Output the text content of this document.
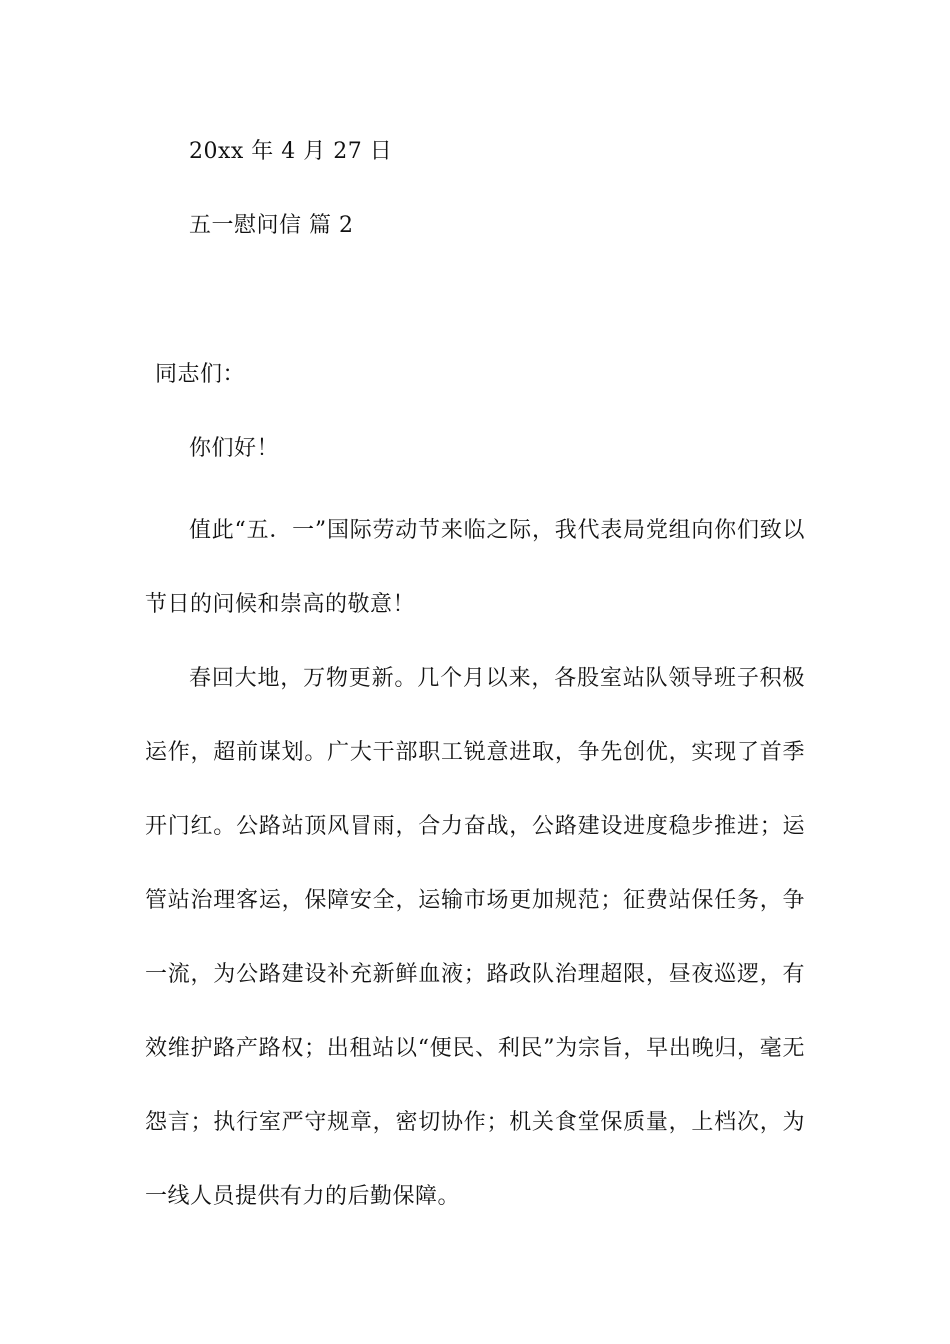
20xx 年 4 月 27 日
五一慰问信 篇 2
同志们：
你们好！
值此“五．一”国际劳动节来临之际，我代表局党组向你们致以节日的问候和崇高的敬意！
春回大地，万物更新。几个月以来，各股室站队领导班子积极运作，超前谋划。广大干部职工锐意进取，争先创优，实现了首季开门红。公路站顶风冒雨，合力奋战，公路建设进度稳步推进；运管站治理客运，保障安全，运输市场更加规范；征费站保任务，争一流，为公路建设补充新鲜血液；路政队治理超限，昼夜巡逻，有效维护路产路权；出租站以“便民、利民”为宗旨，早出晚归，毫无怨言；执行室严守规章，密切协作；机关食堂保质量，上档次，为一线人员提供有力的后勤保障。
